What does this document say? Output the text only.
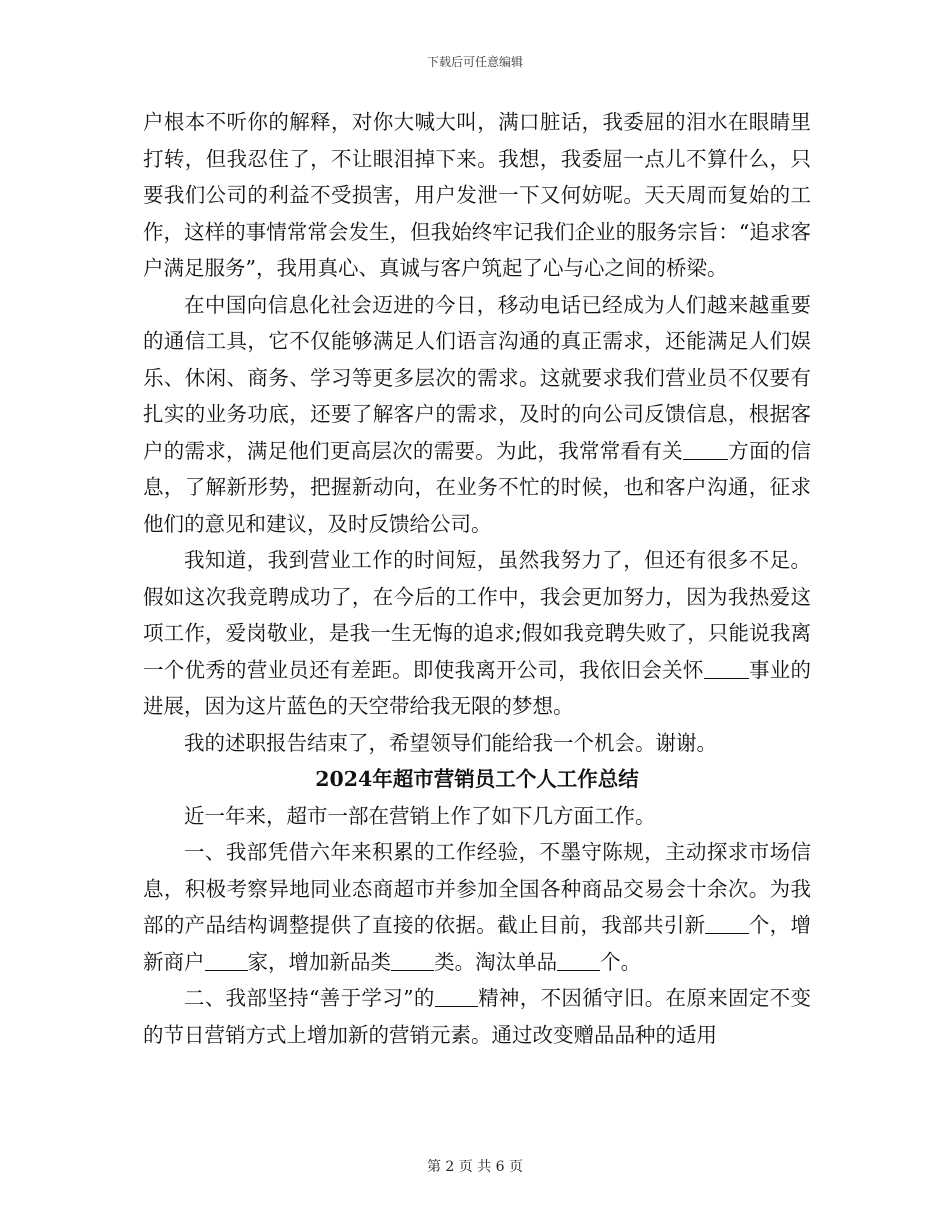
下载后可任意编辑

户根本不听你的解释，对你大喊大叫，满口脏话，我委屈的泪水在眼睛里打转，但我忍住了，不让眼泪掉下来。我想，我委屈一点儿不算什么，只要我们公司的利益不受损害，用户发泄一下又何妨呢。天天周而复始的工作，这样的事情常常会发生，但我始终牢记我们企业的服务宗旨：“追求客户满足服务”，我用真心、真诚与客户筑起了心与心之间的桥梁。

在中国向信息化社会迈进的今日，移动电话已经成为人们越来越重要的通信工具，它不仅能够满足人们语言沟通的真正需求，还能满足人们娱乐、休闲、商务、学习等更多层次的需求。这就要求我们营业员不仅要有扎实的业务功底，还要了解客户的需求，及时的向公司反馈信息，根据客户的需求，满足他们更高层次的需要。为此，我常常看有关 方面的信息，了解新形势，把握新动向，在业务不忙的时候，也和客户沟通，征求他们的意见和建议，及时反馈给公司。

我知道，我到营业工作的时间短，虽然我努力了，但还有很多不足。假如这次我竞聘成功了，在今后的工作中，我会更加努力，因为我热爱这项工作，爱岗敬业，是我一生无悔的追求;假如我竞聘失败了，只能说我离一个优秀的营业员还有差距。即使我离开公司，我依旧会关怀 事业的进展，因为这片蓝色的天空带给我无限的梦想。

我的述职报告结束了，希望领导们能给我一个机会。谢谢。

2024年超市营销员工个人工作总结

近一年来，超市一部在营销上作了如下几方面工作。

一、我部凭借六年来积累的工作经验，不墨守陈规，主动探求市场信息，积极考察异地同业态商超市并参加全国各种商品交易会十余次。为我部的产品结构调整提供了直接的依据。截止目前，我部共引新 个，增新商户 家，增加新品类 类。淘汰单品 个。

二、我部坚持“善于学习”的 精神，不因循守旧。在原来固定不变的节日营销方式上增加新的营销元素。通过改变赠品品种的适用

第 2 页 共 6 页
